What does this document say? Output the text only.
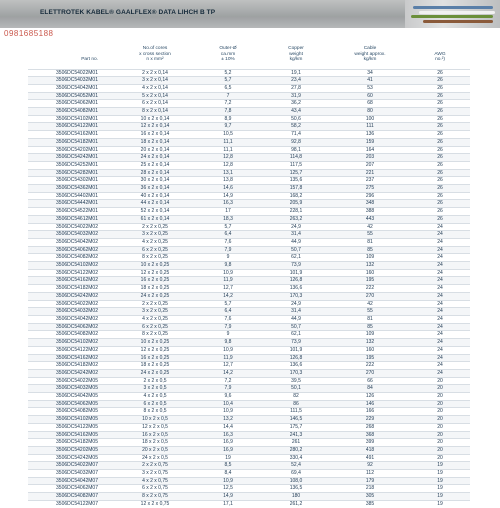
ELETTROTEK KABEL® GAALFLEX® DATA LIHCH B TP
0981685188
Part no.	No.of cores
x cross section
n x mm²	Outer-Ø
ca.mm
± 10%	Copper
weight
kg/km	Cable
weight approx.
kg/km	AWG
no.²)
3506DC54022M01	2 x 2 x 0,14	5,2	19,1	34	26
3506DC54032M01	3 x 2 x 0,14	5,7	23,4	41	26
3506DC54042M01	4 x 2 x 0,14	6,5	27,8	53	26
3506DC54052M01	5 x 2 x 0,14	7	31,9	60	26
3506DC54062M01	6 x 2 x 0,14	7,2	36,2	68	26
3506DC54082M01	8 x 2 x 0,14	7,8	43,4	80	26
3506DC54102M01	10 x 2 x 0,14	8,9	50,6	100	26
3506DC54122M01	12 x 2 x 0,14	9,7	58,2	111	26
3506DC54162M01	16 x 2 x 0,14	10,5	71,4	136	26
3506DC54182M01	18 x 2 x 0,14	11,1	92,8	159	26
3506DC54202M01	20 x 2 x 0,14	11,1	98,1	164	26
3506DC54242M01	24 x 2 x 0,14	12,8	114,8	203	26
3506DC54252M01	25 x 2 x 0,14	12,8	117,5	207	26
3506DC54282M01	28 x 2 x 0,14	13,1	125,7	221	26
3506DC54302M01	30 x 2 x 0,14	13,8	135,6	237	26
3506DC54362M01	36 x 2 x 0,14	14,6	157,8	275	26
3506DC54402M01	40 x 2 x 0,14	14,9	168,2	296	26
3506DC54442M01	44 x 2 x 0,14	16,3	205,9	348	26
3506DC54522M01	52 x 2 x 0,14	17	228,1	388	26
3506DC54612M01	61 x 2 x 0,14	18,3	263,2	443	26
3506DC54022M02	2 x 2 x 0,25	5,7	24,9	42	24
3506DC54032M02	3 x 2 x 0,25	6,4	31,4	55	24
3506DC54042M02	4 x 2 x 0,25	7,6	44,9	81	24
3506DC54062M02	6 x 2 x 0,25	7,9	50,7	85	24
3506DC54082M02	8 x 2 x 0,25	9	62,1	109	24
3506DC54102M02	10 x 2 x 0,25	9,8	73,9	132	24
3506DC54122M02	12 x 2 x 0,25	10,9	101,9	160	24
3506DC54162M02	16 x 2 x 0,25	11,9	126,8	195	24
3506DC54182M02	18 x 2 x 0,25	12,7	136,6	222	24
3506DC54242M02	24 x 2 x 0,25	14,2	170,3	270	24
3506DC54022M02	2 x 2 x 0,25	5,7	24,9	42	24
3506DC54032M02	3 x 2 x 0,25	6,4	31,4	55	24
3506DC54042M02	4 x 2 x 0,25	7,6	44,9	81	24
3506DC54062M02	6 x 2 x 0,25	7,9	50,7	85	24
3506DC54082M02	8 x 2 x 0,25	9	62,1	109	24
3506DC54102M02	10 x 2 x 0,25	9,8	73,9	132	24
3506DC54122M02	12 x 2 x 0,25	10,9	101,9	160	24
3506DC54162M02	16 x 2 x 0,25	11,9	126,8	195	24
3506DC54182M02	18 x 2 x 0,25	12,7	136,6	222	24
3506DC54242M02	24 x 2 x 0,25	14,2	170,3	270	24
3506DC54022M05	2 x 2 x 0,5	7,2	39,5	66	20
3506DC54032M05	3 x 2 x 0,5	7,9	50,1	84	20
3506DC54042M05	4 x 2 x 0,5	9,6	82	126	20
3506DC54062M05	6 x 2 x 0,5	10,4	86	146	20
3506DC54082M05	8 x 2 x 0,5	10,9	111,5	166	20
3506DC54102M05	10 x 2 x 0,5	13,2	146,5	229	20
3506DC54122M05	12 x 2 x 0,5	14,4	175,7	268	20
3506DC54162M05	16 x 2 x 0,5	16,3	241,3	368	20
3506DC54182M05	18 x 2 x 0,5	16,9	261	399	20
3506DC54202M05	20 x 2 x 0,5	16,9	280,2	418	20
3506DC54242M05	24 x 2 x 0,5	19	330,4	491	20
3506DC54022M07	2 x 2 x 0,75	8,5	52,4	92	19
3506DC54032M07	3 x 2 x 0,75	8,4	69,4	112	19
3506DC54042M07	4 x 2 x 0,75	10,9	108,0	179	19
3506DC54062M07	6 x 2 x 0,75	12,5	136,5	218	19
3506DC54082M07	8 x 2 x 0,75	14,9	180	305	19
3506DC54122M07	12 x 2 x 0,75	17,1	261,2	385	19
